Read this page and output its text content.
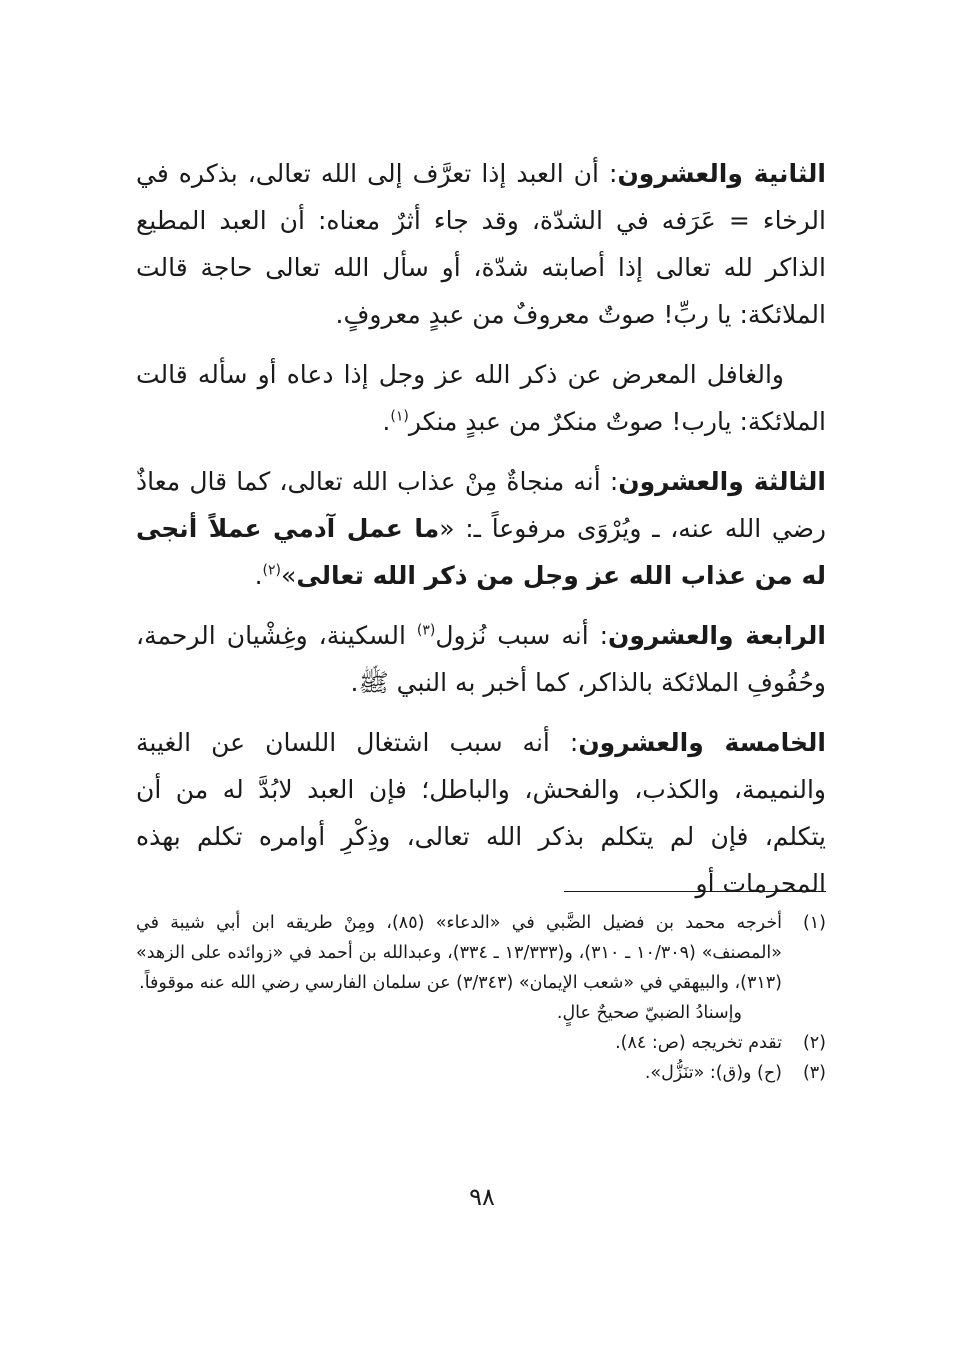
الثانية والعشرون: أن العبد إذا تعرَّف إلى الله تعالى، بذكره في الرخاء = عَرَفه في الشدّة، وقد جاء أثرٌ معناه: أن العبد المطيع الذاكر لله تعالى إذا أصابته شدّة، أو سأل الله تعالى حاجة قالت الملائكة: يا ربِّ! صوتٌ معروفٌ من عبدٍ معروفٍ.

والغافل المعرض عن ذكر الله عز وجل إذا دعاه أو سأله قالت الملائكة: يارب! صوتٌ منكرٌ من عبدٍ منكر$^{(١)}$.

الثالثة والعشرون: أنه منجاةٌ مِنْ عذاب الله تعالى، كما قال معاذٌ رضي الله عنه، ـ ويُرْوَى مرفوعاً ـ: «ما عمل آدمي عملاً أنجى له من عذاب الله عز وجل من ذكر الله تعالى»$^{(٢)}$.

الرابعة والعشرون: أنه سبب نُزول$^{(٣)}$ السكينة، وغِشْيان الرحمة، وحُفُوفِ الملائكة بالذاكر، كما أخبر به النبي ﷺ.

الخامسة والعشرون: أنه سبب اشتغال اللسان عن الغيبة والنميمة، والكذب، والفحش، والباطل؛ فإن العبد لابُدَّ له من أن يتكلم، فإن لم يتكلم بذكر الله تعالى، وذِكْرِ أوامره تكلم بهذه المحرمات أو

(١)
أخرجه محمد بن فضيل الضَّبي في «الدعاء» (٨٥)، ومِنْ طريقه ابن أبي شيبة في «المصنف» (١٠/٣٠٩ ـ ٣١٠)، و(١٣/٣٣٣ ـ ٣٣٤)، وعبدالله بن أحمد في «زوائده على الزهد» (٣١٣)، والبيهقي في «شعب الإيمان» (٣/٣٤٣) عن سلمان الفارسي رضي الله عنه موقوفاً.
وإسنادُ الضبيّ صحيحٌ عالٍ.
(٢)
تقدم تخريجه (ص: ٨٤).
(٣)
(ح) و(ق): «تنَزُّل».
٩٨
